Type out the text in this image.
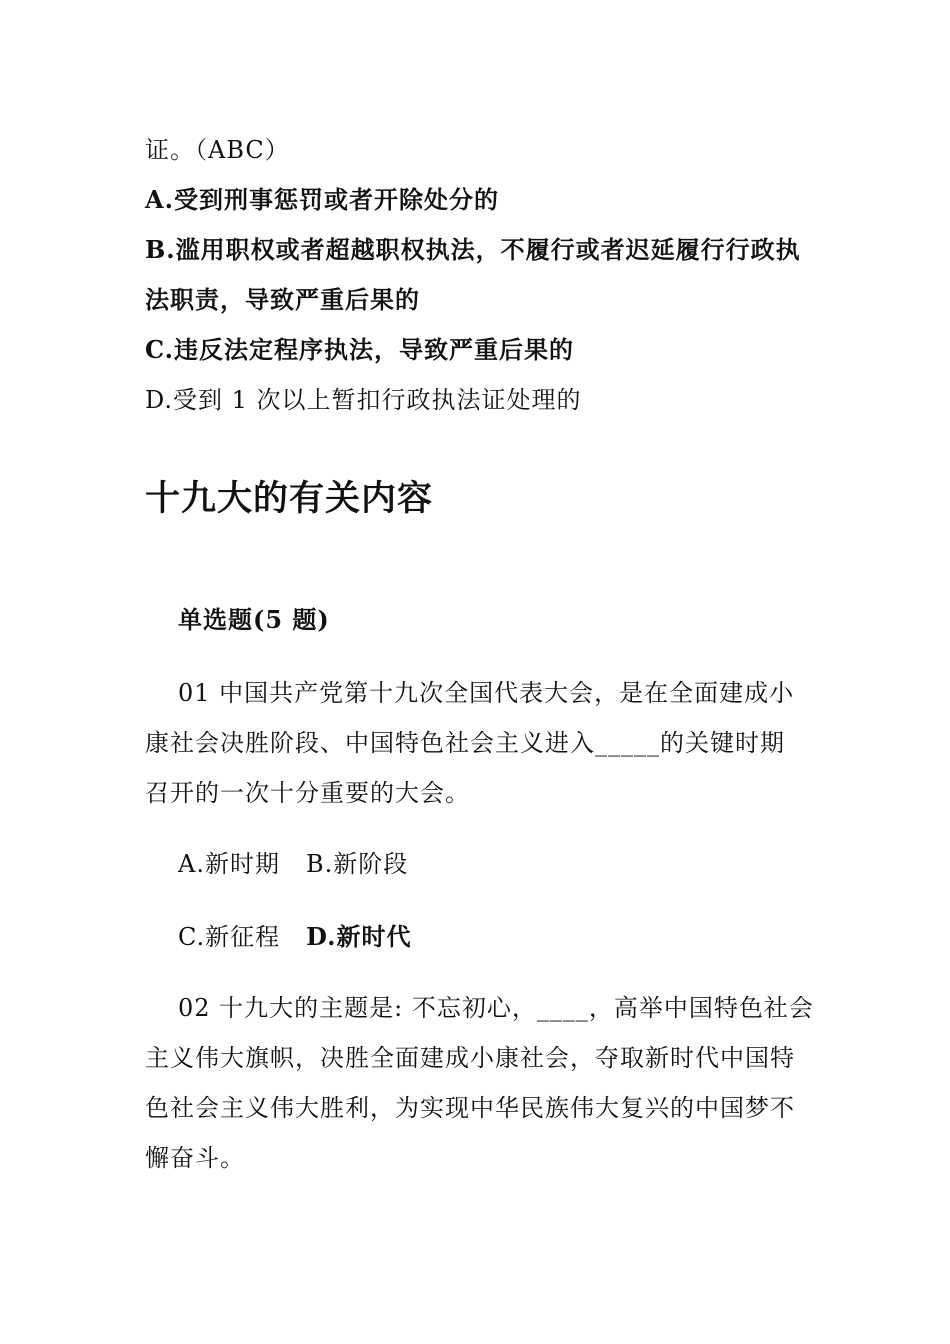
证。（ABC）
A.受到刑事惩罚或者开除处分的
B.滥用职权或者超越职权执法，不履行或者迟延履行行政执
法职责，导致严重后果的
C.违反法定程序执法，导致严重后果的
D.受到 1 次以上暂扣行政执法证处理的
十九大的有关内容
单选题(5 题)
01 中国共产党第十九次全国代表大会，是在全面建成小
康社会决胜阶段、中国特色社会主义进入_____的关键时期
召开的一次十分重要的大会。
A.新时期 B.新阶段
C.新征程 D.新时代
02 十九大的主题是: 不忘初心，____，高举中国特色社会
主义伟大旗帜，决胜全面建成小康社会，夺取新时代中国特
色社会主义伟大胜利，为实现中华民族伟大复兴的中国梦不
懈奋斗。
